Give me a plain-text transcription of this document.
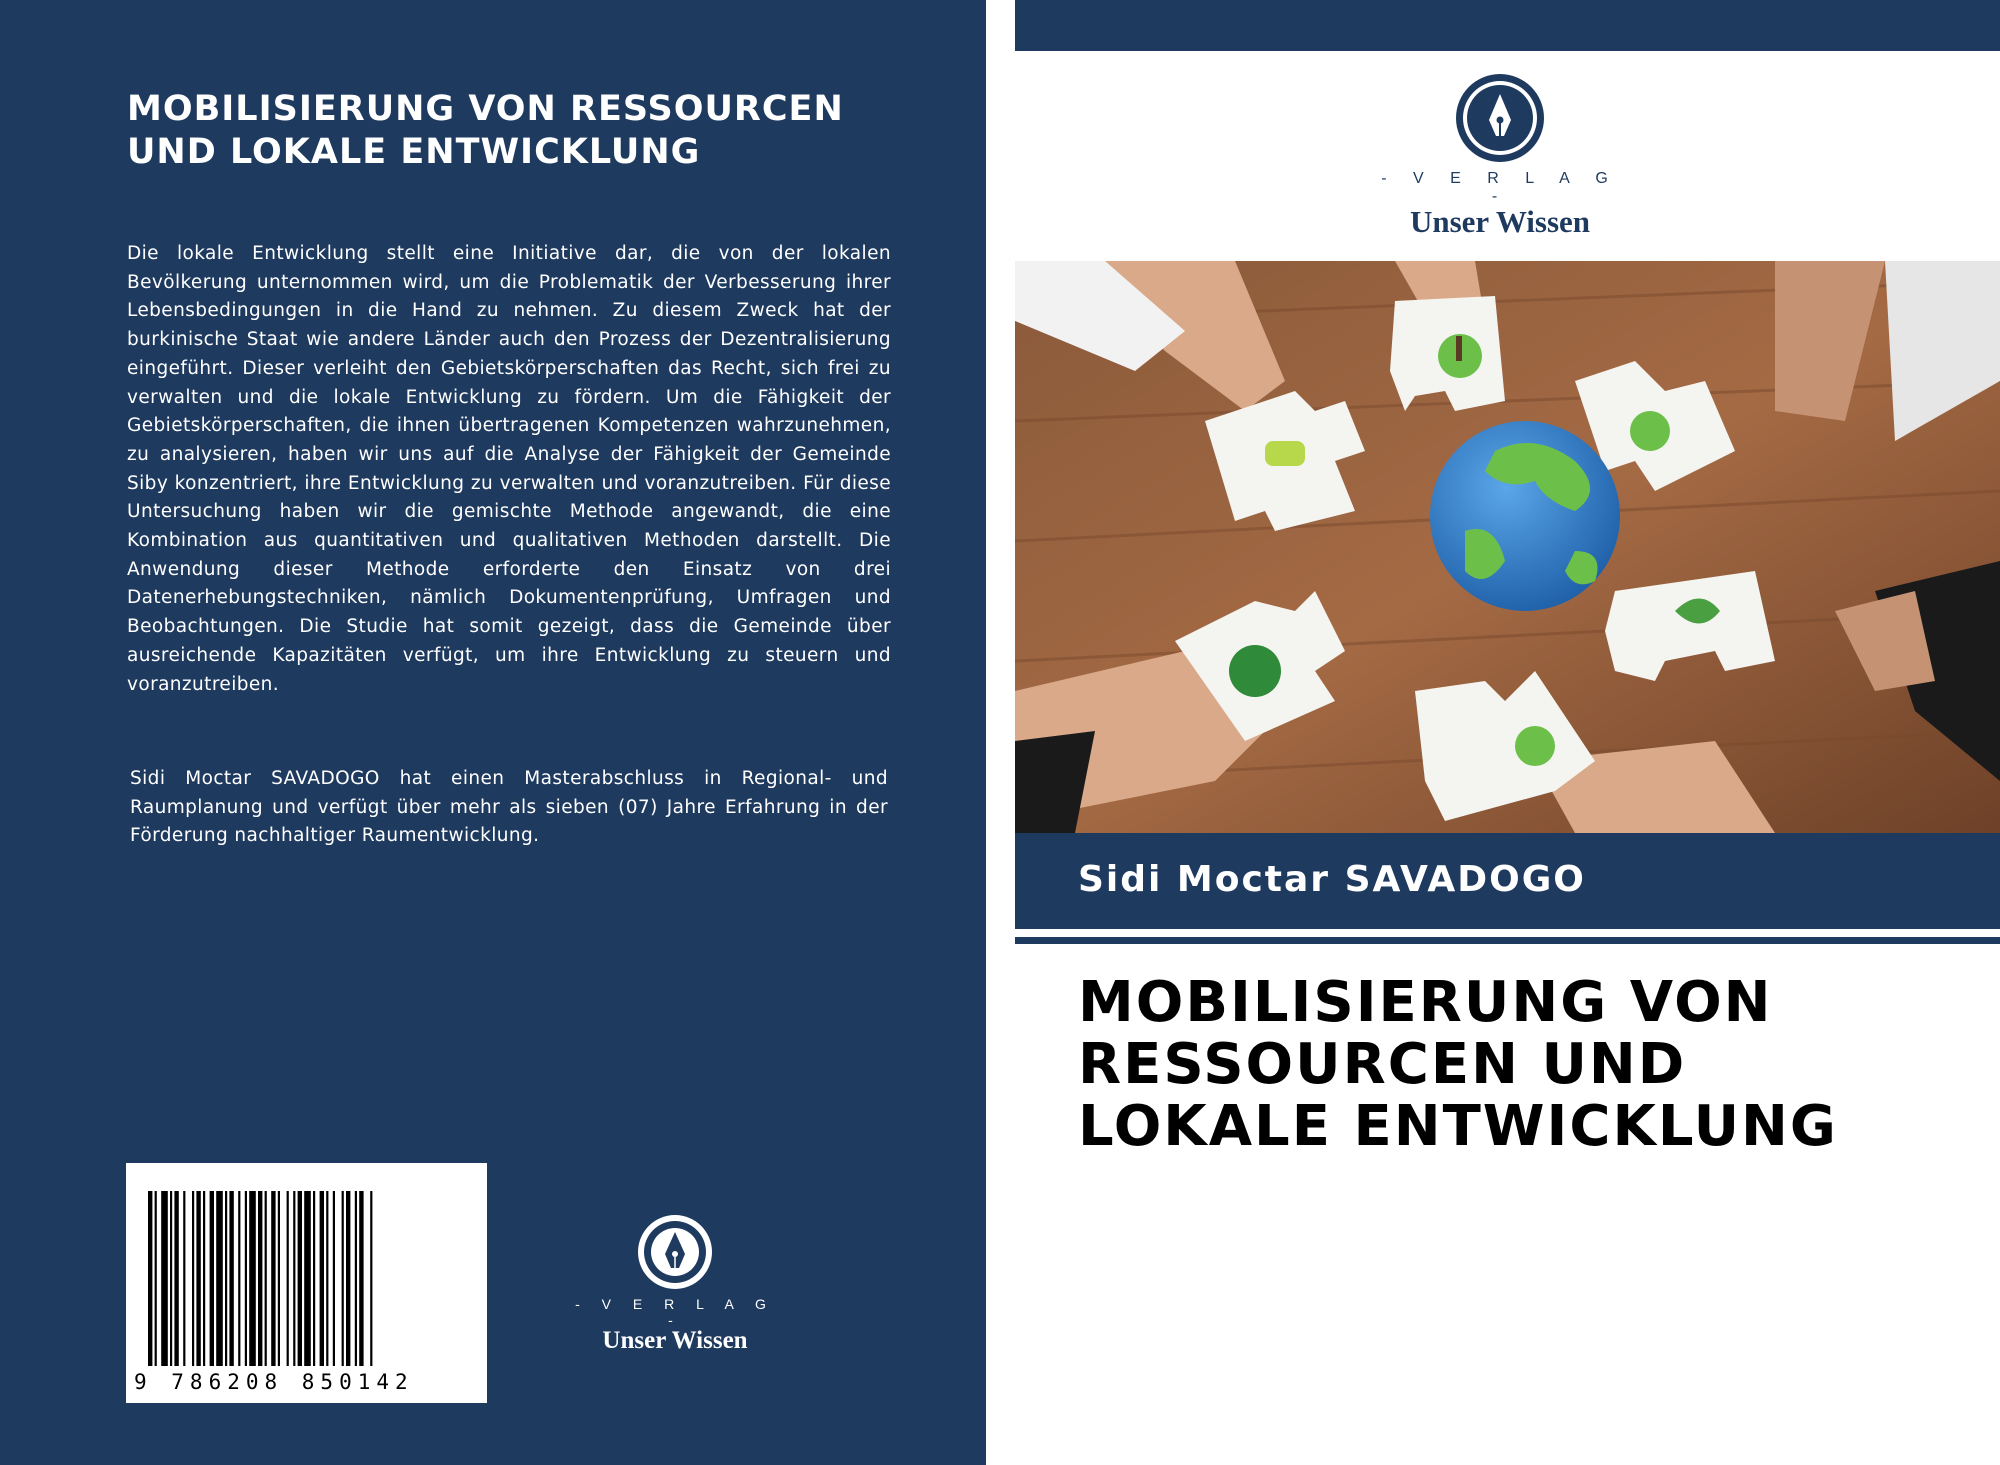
MOBILISIERUNG VON RESSOURCEN UND LOKALE ENTWICKLUNG

Die lokale Entwicklung stellt eine Initiative dar, die von der lokalen Bevölkerung unternommen wird, um die Problematik der Verbesserung ihrer Lebensbedingungen in die Hand zu nehmen. Zu diesem Zweck hat der burkinische Staat wie andere Länder auch den Prozess der Dezentralisierung eingeführt. Dieser verleiht den Gebietskörperschaften das Recht, sich frei zu verwalten und die lokale Entwicklung zu fördern. Um die Fähigkeit der Gebietskörperschaften, die ihnen übertragenen Kompetenzen wahrzunehmen, zu analysieren, haben wir uns auf die Analyse der Fähigkeit der Gemeinde Siby konzentriert, ihre Entwicklung zu verwalten und voranzutreiben. Für diese Untersuchung haben wir die gemischte Methode angewandt, die eine Kombination aus quantitativen und qualitativen Methoden darstellt. Die Anwendung dieser Methode erforderte den Einsatz von drei Datenerhebungstechniken, nämlich Dokumentenprüfung, Umfragen und Beobachtungen. Die Studie hat somit gezeigt, dass die Gemeinde über ausreichende Kapazitäten verfügt, um ihre Entwicklung zu steuern und voranzutreiben.

Sidi Moctar SAVADOGO hat einen Masterabschluss in Regional- und Raumplanung und verfügt über mehr als sieben (07) Jahre Erfahrung in der Förderung nachhaltiger Raumentwicklung.

9 786208 850142
- V E R L A G -
Unser Wissen
- V E R L A G -
Unser Wissen
Sidi Moctar SAVADOGO
MOBILISIERUNG VON RESSOURCEN UND LOKALE ENTWICKLUNG
